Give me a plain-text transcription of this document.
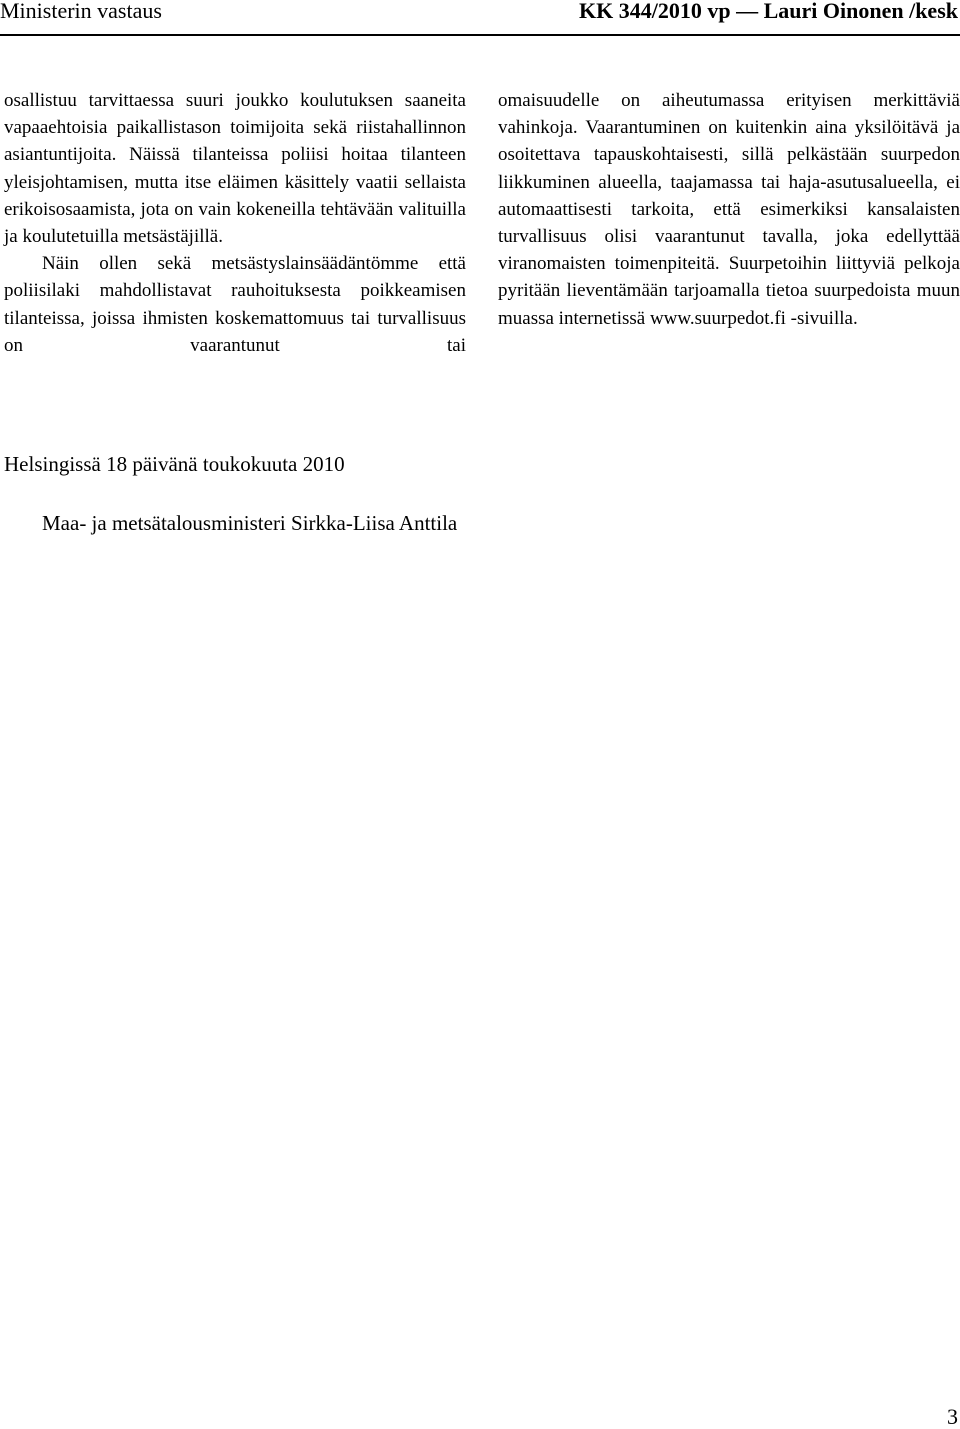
Ministerin vastaus	KK 344/2010 vp — Lauri Oinonen /kesk

osallistuu tarvittaessa suuri joukko koulutuksen saaneita vapaaehtoisia paikallistason toimijoita sekä riistahallinnon asiantuntijoita. Näissä tilanteissa poliisi hoitaa tilanteen yleisjohtamisen, mutta itse eläimen käsittely vaatii sellaista erikoisosaamista, jota on vain kokeneilla tehtävään valituilla ja koulutetuilla metsästäjillä.

Näin ollen sekä metsästyslainsäädäntömme että poliisilaki mahdollistavat rauhoituksesta poikkeamisen tilanteissa, joissa ihmisten koskemattomuus tai turvallisuus on vaarantunut tai

omaisuudelle on aiheutumassa erityisen merkittäviä vahinkoja. Vaarantuminen on kuitenkin aina yksilöitävä ja osoitettava tapauskohtaisesti, sillä pelkästään suurpedon liikkuminen alueella, taajamassa tai haja-asutusalueella, ei automaattisesti tarkoita, että esimerkiksi kansalaisten turvallisuus olisi vaarantunut tavalla, joka edellyttää viranomaisten toimenpiteitä. Suurpetoihin liittyviä pelkoja pyritään lieventämään tarjoamalla tietoa suurpedoista muun muassa internetissä www.suurpedot.fi -sivuilla.

Helsingissä 18 päivänä toukokuuta 2010
Maa- ja metsätalousministeri Sirkka-Liisa Anttila
3
